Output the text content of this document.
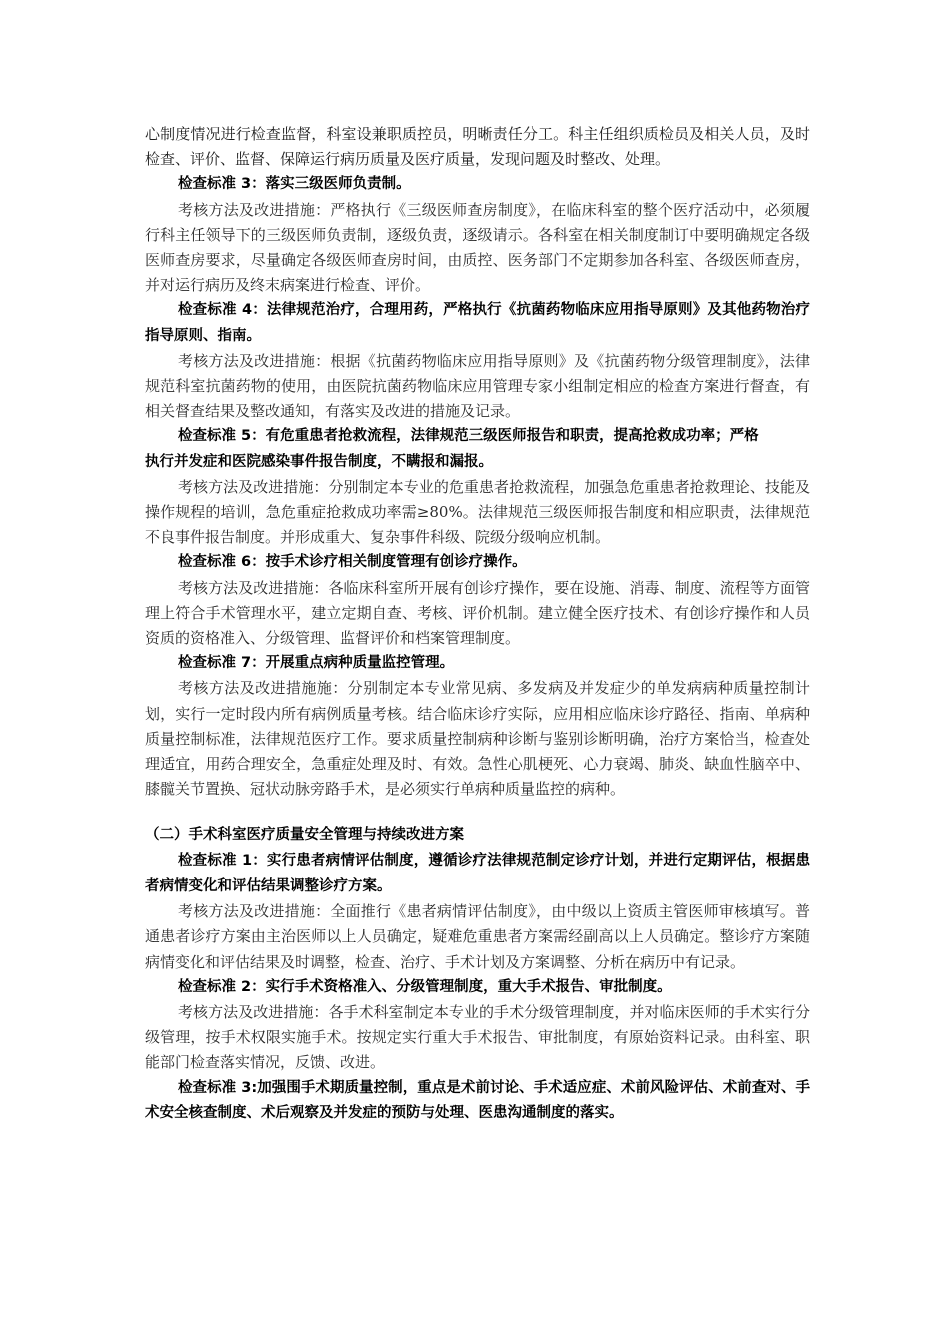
心制度情况进行检查监督，科室设兼职质控员，明晰责任分工。科主任组织质检员及相关人员，及时检查、评价、监督、保障运行病历质量及医疗质量，发现问题及时整改、处理。

检查标准 3：落实三级医师负责制。

考核方法及改进措施：严格执行《三级医师查房制度》，在临床科室的整个医疗活动中，必须履行科主任领导下的三级医师负责制，逐级负责，逐级请示。各科室在相关制度制订中要明确规定各级医师查房要求，尽量确定各级医师查房时间，由质控、医务部门不定期参加各科室、各级医师查房，并对运行病历及终末病案进行检查、评价。

检查标准 4：法律规范治疗，合理用药，严格执行《抗菌药物临床应用指导原则》及其他药物治疗指导原则、指南。

考核方法及改进措施：根据《抗菌药物临床应用指导原则》及《抗菌药物分级管理制度》，法律规范科室抗菌药物的使用，由医院抗菌药物临床应用管理专家小组制定相应的检查方案进行督查，有相关督查结果及整改通知，有落实及改进的措施及记录。

检查标准 5：有危重患者抢救流程，法律规范三级医师报告和职责，提高抢救成功率；严格

执行并发症和医院感染事件报告制度，不瞒报和漏报。

考核方法及改进措施：分别制定本专业的危重患者抢救流程，加强急危重患者抢救理论、技能及操作规程的培训，急危重症抢救成功率需≥80%。法律规范三级医师报告制度和相应职责，法律规范不良事件报告制度。并形成重大、复杂事件科级、院级分级响应机制。

检查标准 6：按手术诊疗相关制度管理有创诊疗操作。

考核方法及改进措施：各临床科室所开展有创诊疗操作，要在设施、消毒、制度、流程等方面管理上符合手术管理水平，建立定期自查、考核、评价机制。建立健全医疗技术、有创诊疗操作和人员资质的资格准入、分级管理、监督评价和档案管理制度。

检查标准 7：开展重点病种质量监控管理。

考核方法及改进措施施：分别制定本专业常见病、多发病及并发症少的单发病病种质量控制计划，实行一定时段内所有病例质量考核。结合临床诊疗实际，应用相应临床诊疗路径、指南、单病种质量控制标准，法律规范医疗工作。要求质量控制病种诊断与鉴别诊断明确，治疗方案恰当，检查处理适宜，用药合理安全，急重症处理及时、有效。急性心肌梗死、心力衰竭、肺炎、缺血性脑卒中、膝髋关节置换、冠状动脉旁路手术，是必须实行单病种质量监控的病种。

（二）手术科室医疗质量安全管理与持续改进方案

检查标准 1：实行患者病情评估制度，遵循诊疗法律规范制定诊疗计划，并进行定期评估，根据患者病情变化和评估结果调整诊疗方案。

考核方法及改进措施：全面推行《患者病情评估制度》，由中级以上资质主管医师审核填写。普通患者诊疗方案由主治医师以上人员确定，疑难危重患者方案需经副高以上人员确定。整诊疗方案随病情变化和评估结果及时调整，检查、治疗、手术计划及方案调整、分析在病历中有记录。

检查标准 2：实行手术资格准入、分级管理制度，重大手术报告、审批制度。

考核方法及改进措施：各手术科室制定本专业的手术分级管理制度，并对临床医师的手术实行分级管理，按手术权限实施手术。按规定实行重大手术报告、审批制度，有原始资料记录。由科室、职能部门检查落实情况，反馈、改进。

检查标准 3:加强围手术期质量控制，重点是术前讨论、手术适应症、术前风险评估、术前查对、手术安全核查制度、术后观察及并发症的预防与处理、医患沟通制度的落实。
